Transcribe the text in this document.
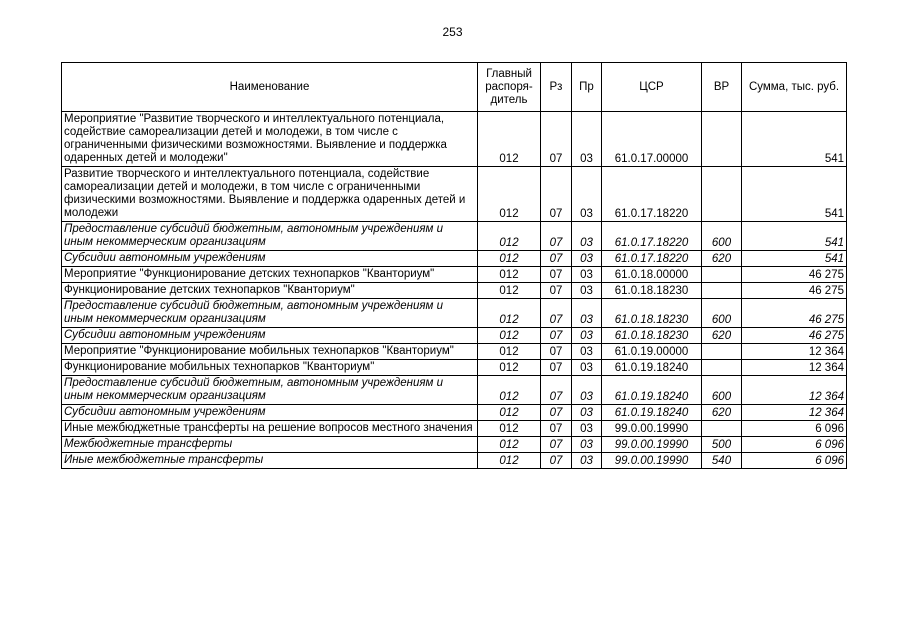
253
Наименование	Главный распоря-дитель	Рз	Пр	ЦСР	ВР	Сумма, тыс. руб.
Мероприятие "Развитие творческого и интеллектуального потенциала, содействие самореализации детей и молодежи, в том числе с ограниченными физическими возможностями. Выявление и поддержка одаренных детей и молодежи"	012	07	03	61.0.17.00000		541
Развитие творческого и интеллектуального потенциала, содействие самореализации детей и молодежи, в том числе с ограниченными физическими возможностями. Выявление и поддержка одаренных детей и молодежи	012	07	03	61.0.17.18220		541
Предоставление субсидий бюджетным, автономным учреждениям и иным некоммерческим организациям	012	07	03	61.0.17.18220	600	541
Субсидии автономным учреждениям	012	07	03	61.0.17.18220	620	541
Мероприятие "Функционирование детских технопарков "Кванториум"	012	07	03	61.0.18.00000		46 275
Функционирование детских технопарков "Кванториум"	012	07	03	61.0.18.18230		46 275
Предоставление субсидий бюджетным, автономным учреждениям и иным некоммерческим организациям	012	07	03	61.0.18.18230	600	46 275
Субсидии автономным учреждениям	012	07	03	61.0.18.18230	620	46 275
Мероприятие "Функционирование мобильных технопарков "Кванториум"	012	07	03	61.0.19.00000		12 364
Функционирование мобильных технопарков "Кванториум"	012	07	03	61.0.19.18240		12 364
Предоставление субсидий бюджетным, автономным учреждениям и иным некоммерческим организациям	012	07	03	61.0.19.18240	600	12 364
Субсидии автономным учреждениям	012	07	03	61.0.19.18240	620	12 364
Иные межбюджетные трансферты на решение вопросов местного значения	012	07	03	99.0.00.19990		6 096
Межбюджетные трансферты	012	07	03	99.0.00.19990	500	6 096
Иные межбюджетные трансферты	012	07	03	99.0.00.19990	540	6 096
